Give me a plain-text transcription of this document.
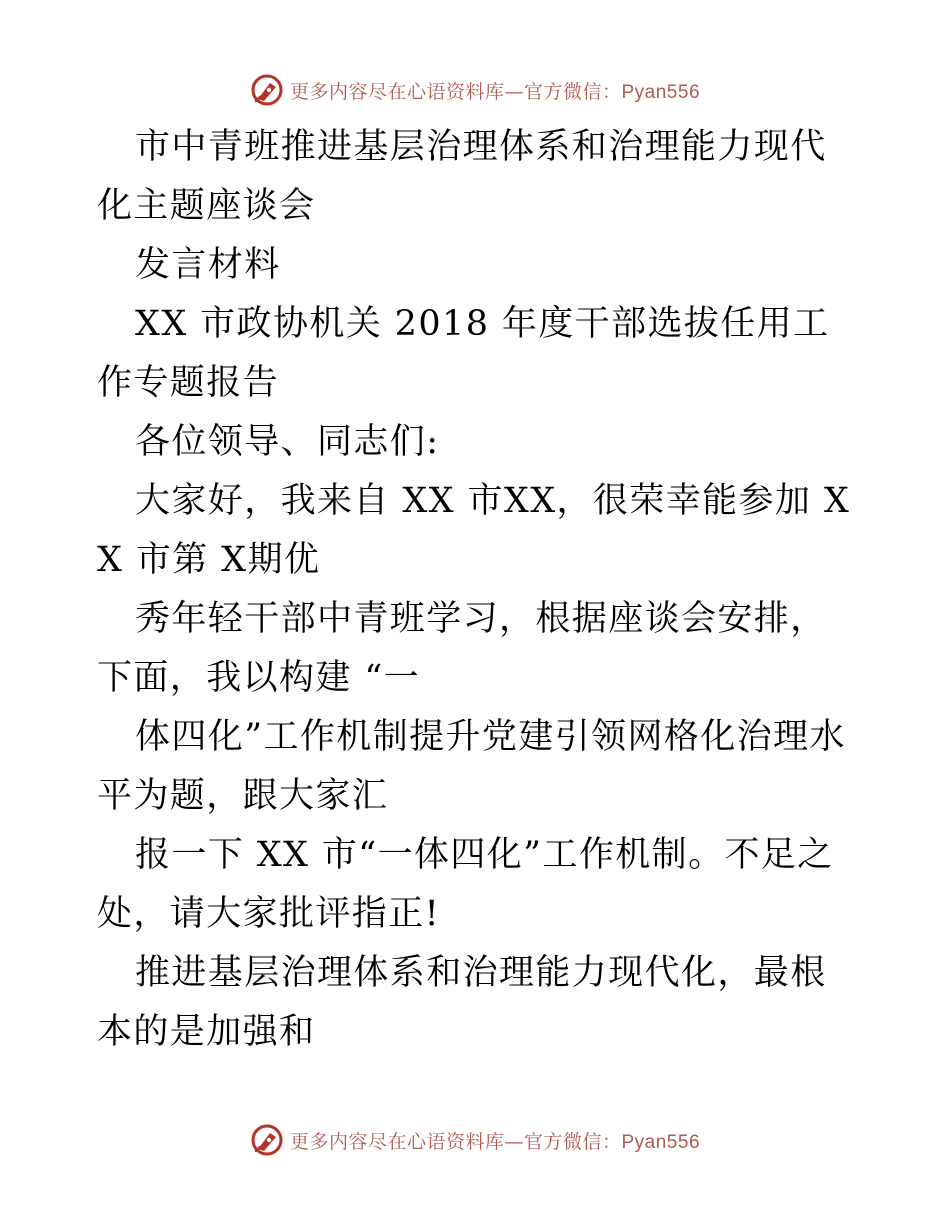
更多内容尽在心语资料库—官方微信：Pyan556

市中青班推进基层治理体系和治理能力现代化主题座谈会

发言材料

XX 市政协机关 2018 年度干部选拔任用工作专题报告

各位领导、同志们:

大家好，我来自 XX 市XX，很荣幸能参加 XX 市第 X期优

秀年轻干部中青班学习，根据座谈会安排，下面，我以构建 “一

体四化”工作机制提升党建引领网格化治理水平为题，跟大家汇

报一下 XX 市“一体四化”工作机制。不足之处，请大家批评指正!

推进基层治理体系和治理能力现代化，最根本的是加强和

更多内容尽在心语资料库—官方微信：Pyan556
